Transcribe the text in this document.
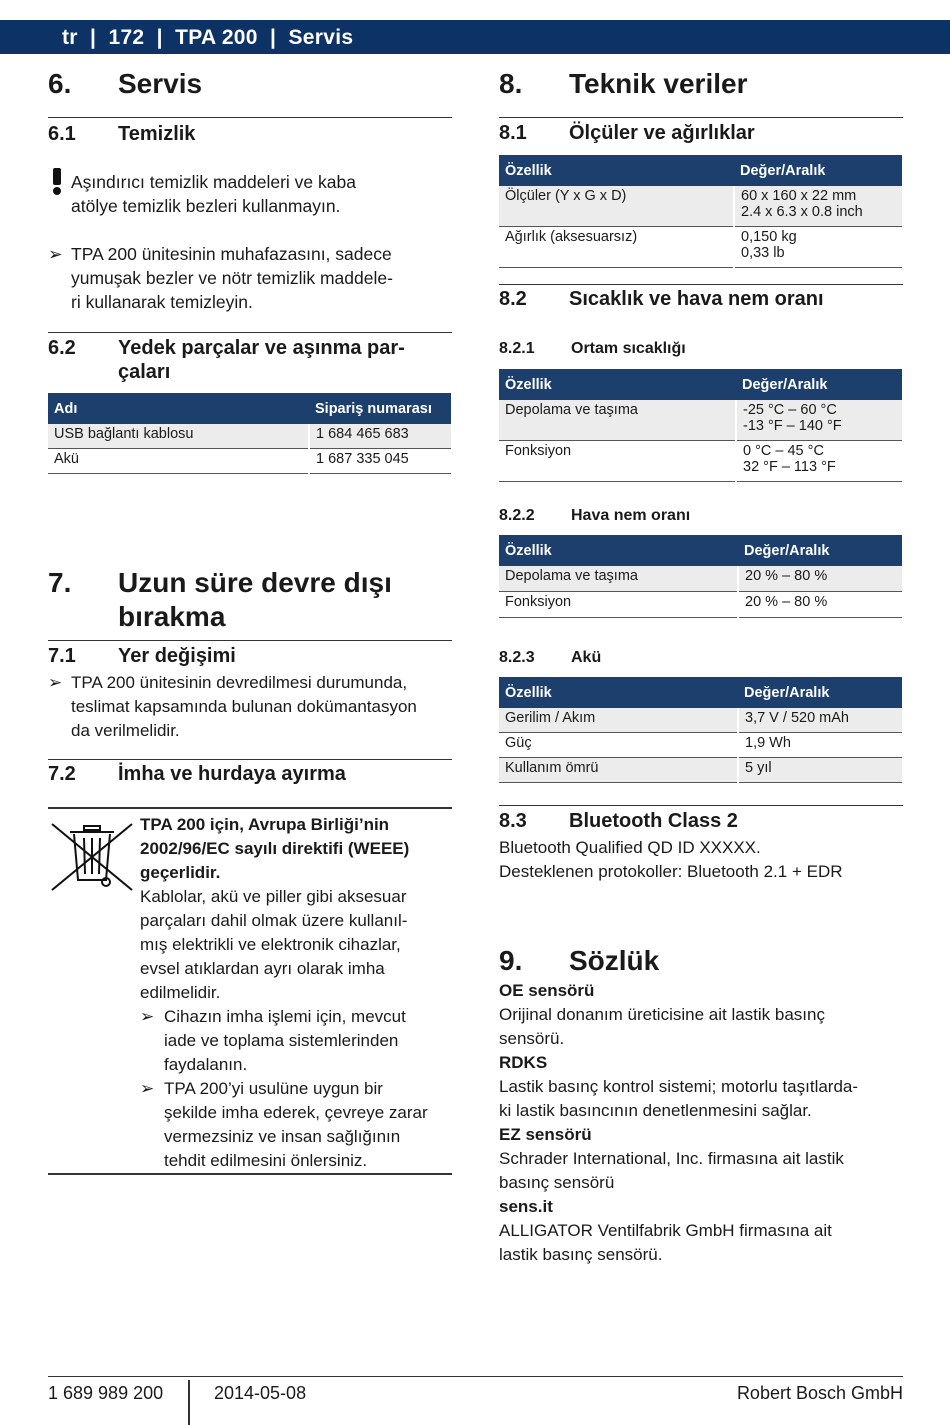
tr  |  172  |  TPA 200  |  Servis
6. Servis
6.1 Temizlik
Aşındırıcı temizlik maddeleri ve kaba
atölye temizlik bezleri kullanmayın.
➢ TPA 200 ünitesinin muhafazasını, sadece
yumuşak bezler ve nötr temizlik maddele-
ri kullanarak temizleyin.
6.2 Yedek parçalar ve aşınma par-
çaları
Adı	Sipariş numarası
USB bağlantı kablosu	1 684 465 683
Akü	1 687 335 045
7. Uzun süre devre dışı
bırakma
7.1 Yer değişimi
➢ TPA 200 ünitesinin devredilmesi durumunda,
teslimat kapsamında bulunan dokümantasyon
da verilmelidir.
7.2 İmha ve hurdaya ayırma
TPA 200 için, Avrupa Birliği’nin
2002/96/EC sayılı direktifi (WEEE)
geçerlidir.
Kablolar, akü ve piller gibi aksesuar
parçaları dahil olmak üzere kullanıl-
mış elektrikli ve elektronik cihazlar,
evsel atıklardan ayrı olarak imha
edilmelidir.
➢ Cihazın imha işlemi için, mevcut
iade ve toplama sistemlerinden
faydalanın.
➢ TPA 200’yi usulüne uygun bir
şekilde imha ederek, çevreye zarar
vermezsiniz ve insan sağlığının
tehdit edilmesini önlersiniz.
8. Teknik veriler
8.1 Ölçüler ve ağırlıklar
Özellik	Değer/Aralık
Ölçüler (Y x G x D)	60 x 160 x 22 mm
2.4 x 6.3 x 0.8 inch

Ağırlık (aksesuarsız)	0,150 kg
0,33 lb
8.2 Sıcaklık ve hava nem oranı
8.2.1 Ortam sıcaklığı
Özellik	Değer/Aralık
Depolama ve taşıma	-25 °C – 60 °C
-13 °F – 140 °F

Fonksiyon	0 °C – 45 °C
32 °F – 113 °F
8.2.2 Hava nem oranı
Özellik	Değer/Aralık
Depolama ve taşıma	20 % – 80 %
Fonksiyon	20 % – 80 %
8.2.3 Akü
Özellik	Değer/Aralık
Gerilim / Akım	3,7 V / 520 mAh
Güç	1,9 Wh
Kullanım ömrü	5 yıl
8.3 Bluetooth Class 2
Bluetooth Qualified QD ID XXXXX.
Desteklenen protokoller: Bluetooth 2.1 + EDR
9. Sözlük
OE sensörü
Orijinal donanım üreticisine ait lastik basınç
sensörü.
RDKS
Lastik basınç kontrol sistemi; motorlu taşıtlarda-
ki lastik basıncının denetlenmesini sağlar.
EZ sensörü
Schrader International, Inc. firmasına ait lastik
basınç sensörü
sens.it
ALLIGATOR Ventilfabrik GmbH firmasına ait
lastik basınç sensörü.
1 689 989 200	2014-05-08	Robert Bosch GmbH
